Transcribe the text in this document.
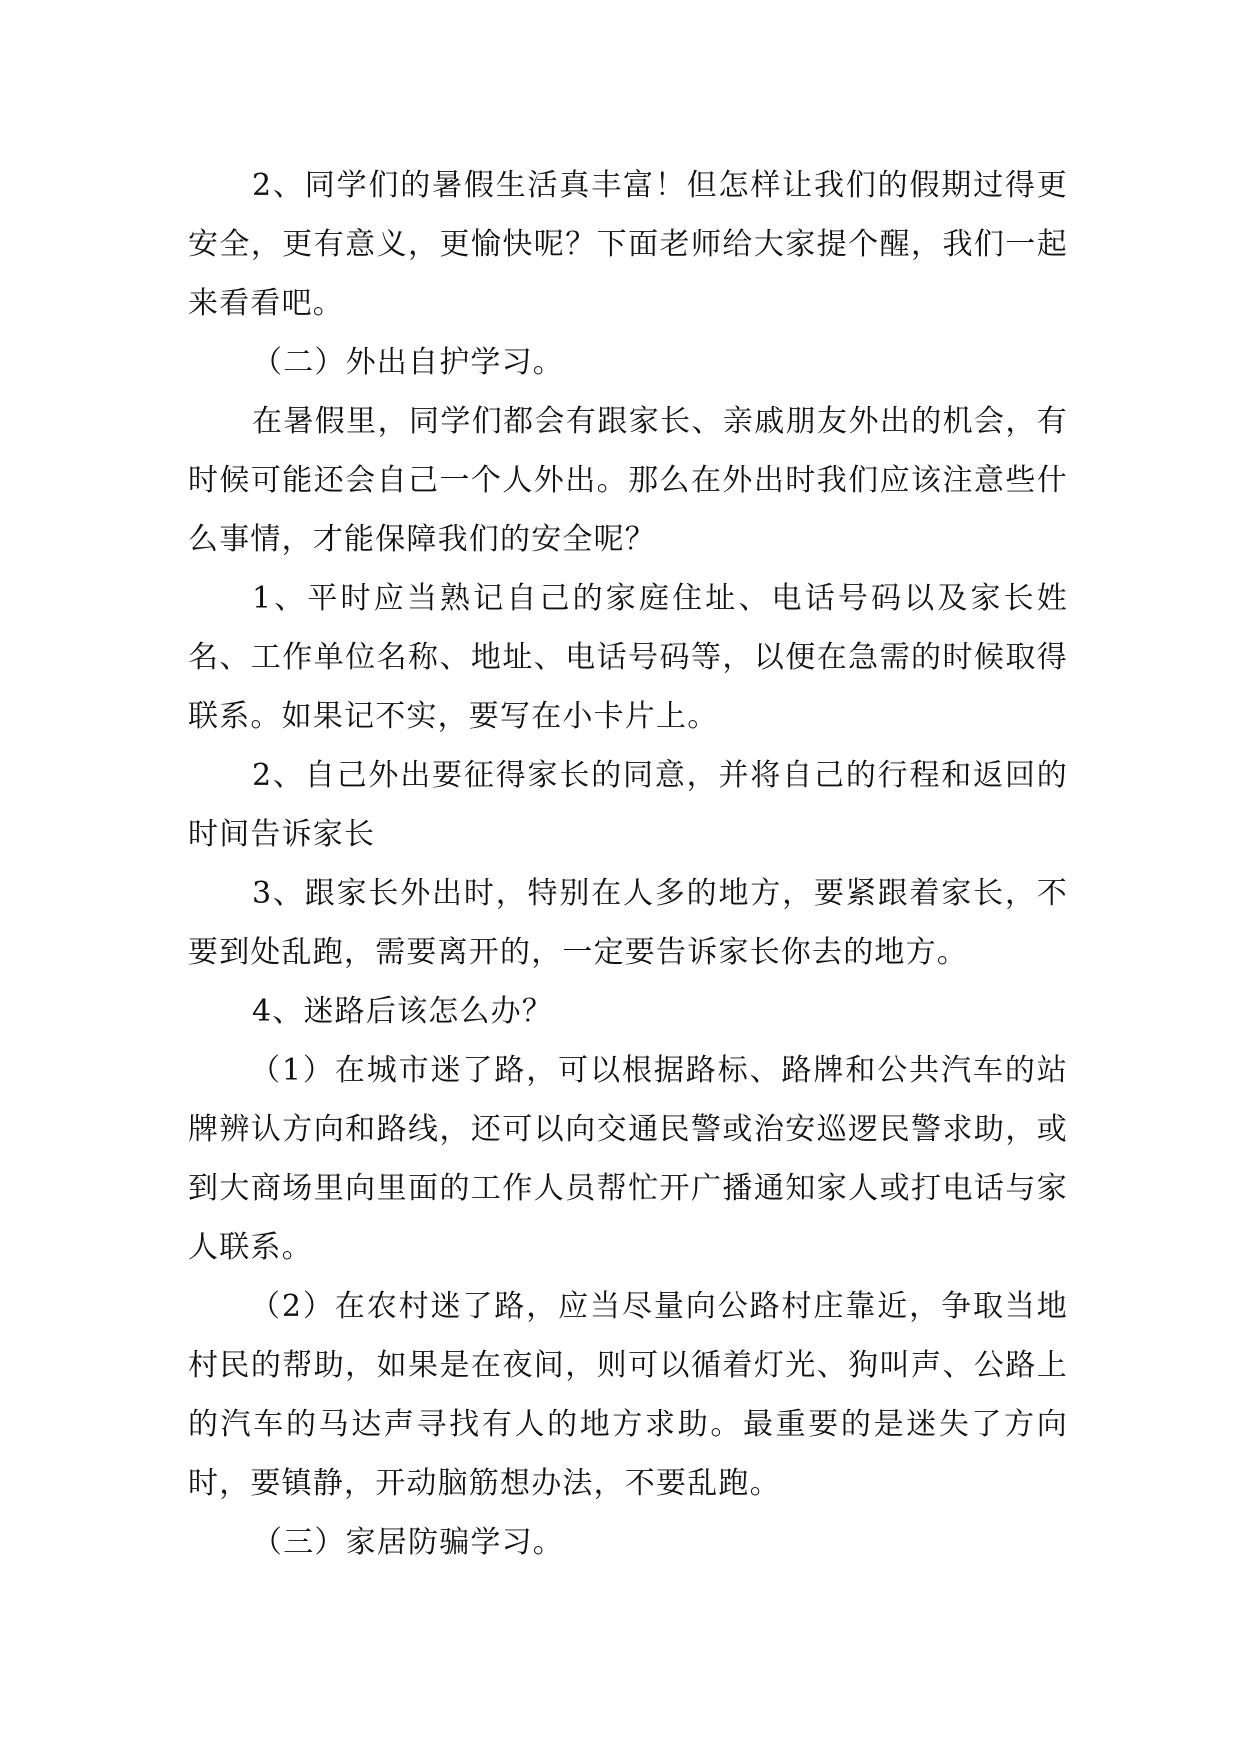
2、同学们的暑假生活真丰富！但怎样让我们的假期过得更安全，更有意义，更愉快呢？下面老师给大家提个醒，我们一起来看看吧。

（二）外出自护学习。

在暑假里，同学们都会有跟家长、亲戚朋友外出的机会，有时候可能还会自己一个人外出。那么在外出时我们应该注意些什么事情，才能保障我们的安全呢？

1、平时应当熟记自己的家庭住址、电话号码以及家长姓名、工作单位名称、地址、电话号码等，以便在急需的时候取得联系。如果记不实，要写在小卡片上。

2、自己外出要征得家长的同意，并将自己的行程和返回的时间告诉家长

3、跟家长外出时，特别在人多的地方，要紧跟着家长，不要到处乱跑，需要离开的，一定要告诉家长你去的地方。

4、迷路后该怎么办？

（1）在城市迷了路，可以根据路标、路牌和公共汽车的站牌辨认方向和路线，还可以向交通民警或治安巡逻民警求助，或到大商场里向里面的工作人员帮忙开广播通知家人或打电话与家人联系。

（2）在农村迷了路，应当尽量向公路村庄靠近，争取当地村民的帮助，如果是在夜间，则可以循着灯光、狗叫声、公路上的汽车的马达声寻找有人的地方求助。最重要的是迷失了方向时，要镇静，开动脑筋想办法，不要乱跑。

（三）家居防骗学习。
